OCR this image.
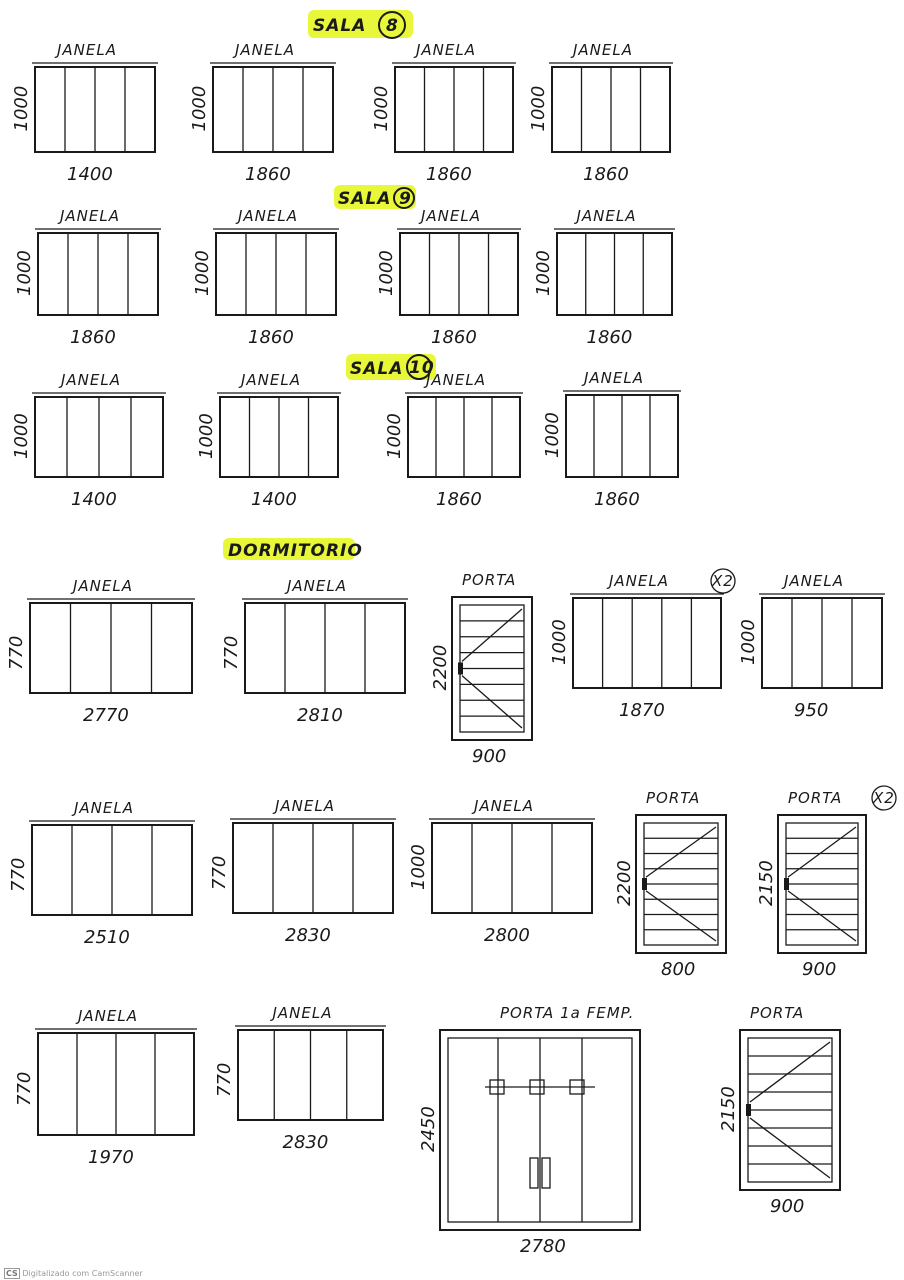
SALA 8
SALA 9
SALA 10
DORMITORIO
JANELA
1400
1000
JANELA
1860
1000
JANELA
1860
1000
JANELA
1860
1000
JANELA
1860
1000
JANELA
1860
1000
JANELA
1860
1000
JANELA
1860
1000
JANELA
1400
1000
JANELA
1400
1000
JANELA
1860
1000
JANELA
1860
1000
JANELA
2770
770
JANELA
2810
770
JANELA	X2
1870
1000
JANELA
950
1000
JANELA
2510
770
JANELA
2830
770
JANELA
2800
1000
JANELA
1970
770
JANELA
2830
770
PORTA
900
2200
PORTA
800
2200
PORTA X2
900
2150
PORTA 1a FEMP.
2780
2450
PORTA
900
2150
CS Digitalizado com CamScanner
